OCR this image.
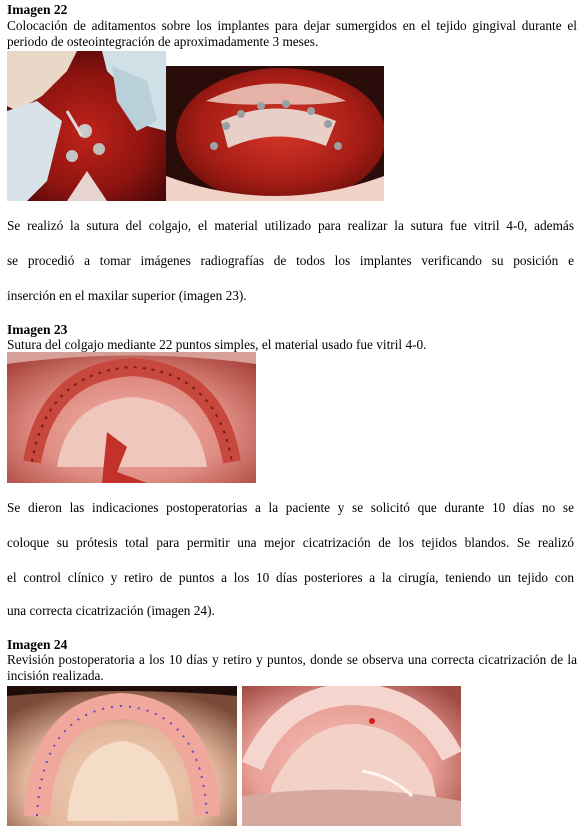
Imagen 22
Colocación de aditamentos sobre los implantes para dejar sumergidos en el tejido gingival durante el periodo de osteointegración de aproximadamente 3 meses.
Se realizó la sutura del colgajo, el material utilizado para realizar la sutura fue vitril 4-0, además
se procedió a tomar imágenes radiografías de todos los implantes verificando su posición e
inserción en el maxilar superior (imagen 23).
Imagen 23
Sutura del colgajo mediante 22 puntos simples, el material usado fue vitril 4-0.
Se dieron las indicaciones postoperatorias a la paciente y se solicitó que durante 10 días no se
coloque su prótesis total para permitir una mejor cicatrización de los tejidos blandos. Se realizó
el control clínico y retiro de puntos a los 10 días posteriores a la cirugía, teniendo un tejido con
una correcta cicatrización (imagen 24).
Imagen 24
Revisión postoperatoria a los 10 días y retiro y puntos, donde se observa una correcta cicatrización de la incisión realizada.
